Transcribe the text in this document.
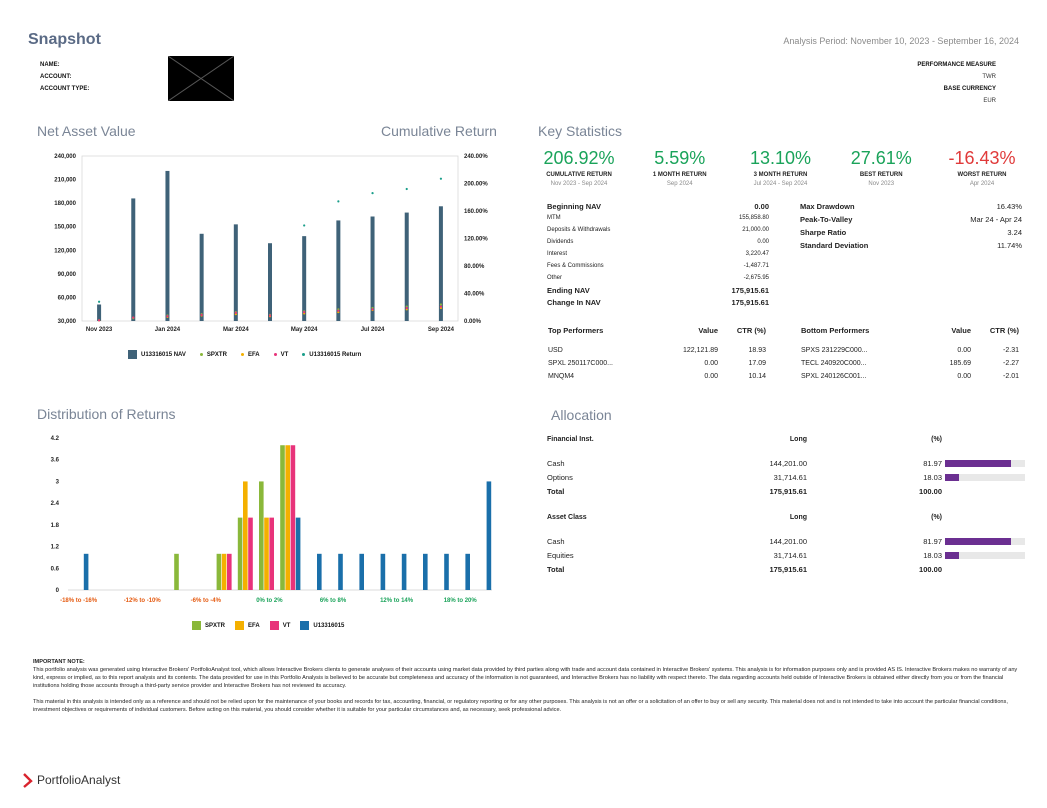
Snapshot	Analysis Period: November 10, 2023 - September 16, 2024
NAME:
ACCOUNT:
ACCOUNT TYPE:
PERFORMANCE MEASURE
TWR
BASE CURRENCY
EUR
Net Asset Value	Cumulative Return
30,000
60,000
90,000
120,000
150,000
180,000
210,000
240,000
0.00%
40.00%
80.00%
120.00%
160.00%
200.00%
240.00%
Nov 2023	Jan 2024	Mar 2024	May 2024	Jul 2024	Sep 2024
U13316015 NAV	SPXTR	EFA	VT	U13316015 Return
Key Statistics
206.92%
CUMULATIVE RETURN
Nov 2023 - Sep 2024
5.59%
1 MONTH RETURN
Sep 2024
13.10%
3 MONTH RETURN
Jul 2024 - Sep 2024
27.61%
BEST RETURN
Nov 2023
-16.43%
WORST RETURN
Apr 2024
Beginning NAV	0.00
MTM	155,858.80
Deposits & Withdrawals	21,000.00
Dividends	0.00
Interest	3,220.47
Fees & Commissions	-1,487.71
Other	-2,675.95
Ending NAV	175,915.61
Change In NAV	175,915.61
Max Drawdown	16.43%
Peak-To-Valley	Mar 24 - Apr 24
Sharpe Ratio	3.24
Standard Deviation	11.74%
Top Performers	Value	CTR (%)
USD	122,121.89	18.93
SPXL 250117C000...	0.00	17.09
MNQM4	0.00	10.14
Bottom Performers	Value	CTR (%)
SPXS 231229C000...	0.00	-2.31
TECL 240920C000...	185.69	-2.27
SPXL 240126C001...	0.00	-2.01
Distribution of Returns
0
0.6
1.2
1.8
2.4
3
3.6
4.2
-18% to -16%	-12% to -10%	-6% to -4%	0% to 2%	6% to 8%	12% to 14%	18% to 20%
SPXTR	EFA	VT	U13316015
Allocation
Financial Inst.	Long	(%)
Cash	144,201.00	81.97
Options	31,714.61	18.03
Total	175,915.61	100.00
Asset Class	Long	(%)
Cash	144,201.00	81.97
Equities	31,714.61	18.03
Total	175,915.61	100.00
IMPORTANT NOTE:
This portfolio analysis was generated using Interactive Brokers' PortfolioAnalyst tool, which allows Interactive Brokers clients to generate analyses of their accounts using market data provided by third parties along with trade and account data contained in Interactive Brokers' systems. This analysis is for information purposes only and is provided AS IS. Interactive Brokers makes no warranty of any kind, express or implied, as to this report analysis and its contents. The data provided for use in this Portfolio Analysis is believed to be accurate but completeness and accuracy of the information is not guaranteed, and Interactive Brokers has no liability with respect thereto. The data regarding accounts held outside of Interactive Brokers is obtained either directly from you or from the financial institutions holding those accounts through a third-party service provider and Interactive Brokers has not reviewed its accuracy.
This material in this analysis is intended only as a reference and should not be relied upon for the maintenance of your books and records for tax, accounting, financial, or regulatory reporting or for any other purposes. This analysis is not an offer or a solicitation of an offer to buy or sell any security. This material does not and is not intended to take into account the particular financial conditions, investment objectives or requirements of individual customers. Before acting on this material, you should consider whether it is suitable for your particular circumstances and, as necessary, seek professional advice.
PortfolioAnalyst
